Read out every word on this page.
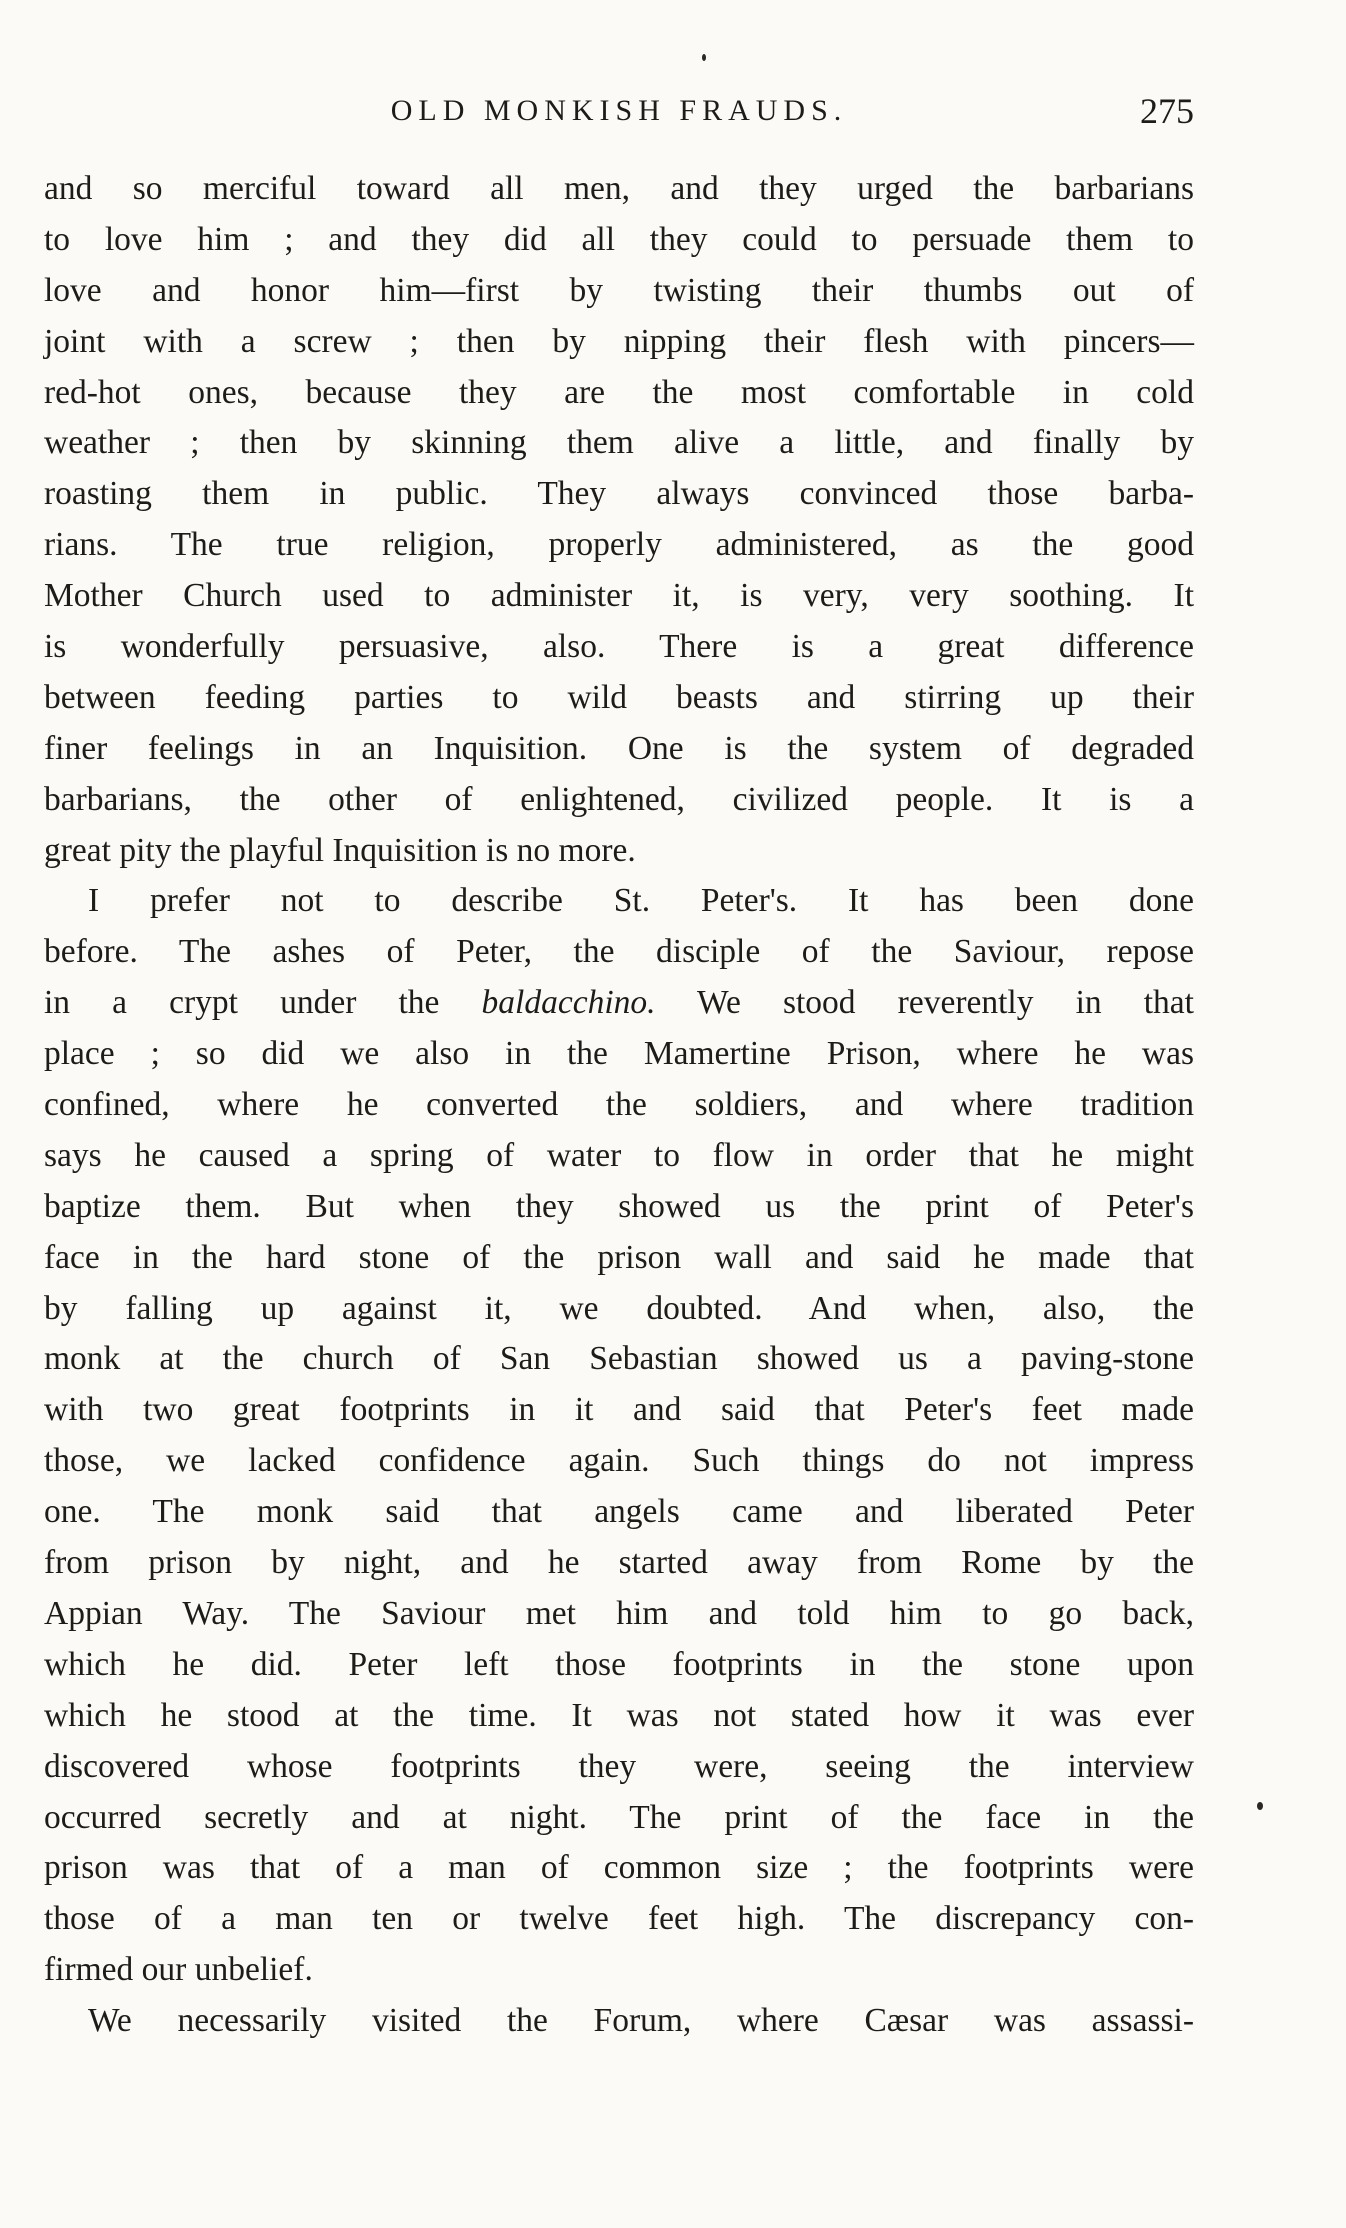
OLD MONKISH FRAUDS.	275
and so merciful toward all men, and they urged the barbarians
to love him ; and they did all they could to persuade them to
love and honor him—first by twisting their thumbs out of
joint with a screw ; then by nipping their flesh with pincers—
red-hot ones, because they are the most comfortable in cold
weather ; then by skinning them alive a little, and finally by
roasting them in public. They always convinced those barba-
rians. The true religion, properly administered, as the good
Mother Church used to administer it, is very, very soothing. It
is wonderfully persuasive, also. There is a great difference
between feeding parties to wild beasts and stirring up their
finer feelings in an Inquisition. One is the system of degraded
barbarians, the other of enlightened, civilized people. It is a
great pity the playful Inquisition is no more.
I prefer not to describe St. Peter's. It has been done
before. The ashes of Peter, the disciple of the Saviour, repose
in a crypt under the baldacchino. We stood reverently in that
place ; so did we also in the Mamertine Prison, where he was
confined, where he converted the soldiers, and where tradition
says he caused a spring of water to flow in order that he might
baptize them. But when they showed us the print of Peter's
face in the hard stone of the prison wall and said he made that
by falling up against it, we doubted. And when, also, the
monk at the church of San Sebastian showed us a paving-stone
with two great footprints in it and said that Peter's feet made
those, we lacked confidence again. Such things do not impress
one. The monk said that angels came and liberated Peter
from prison by night, and he started away from Rome by the
Appian Way. The Saviour met him and told him to go back,
which he did. Peter left those footprints in the stone upon
which he stood at the time. It was not stated how it was ever
discovered whose footprints they were, seeing the interview
occurred secretly and at night. The print of the face in the
prison was that of a man of common size ; the footprints were
those of a man ten or twelve feet high. The discrepancy con-
firmed our unbelief.
We necessarily visited the Forum, where Cæsar was assassi-
